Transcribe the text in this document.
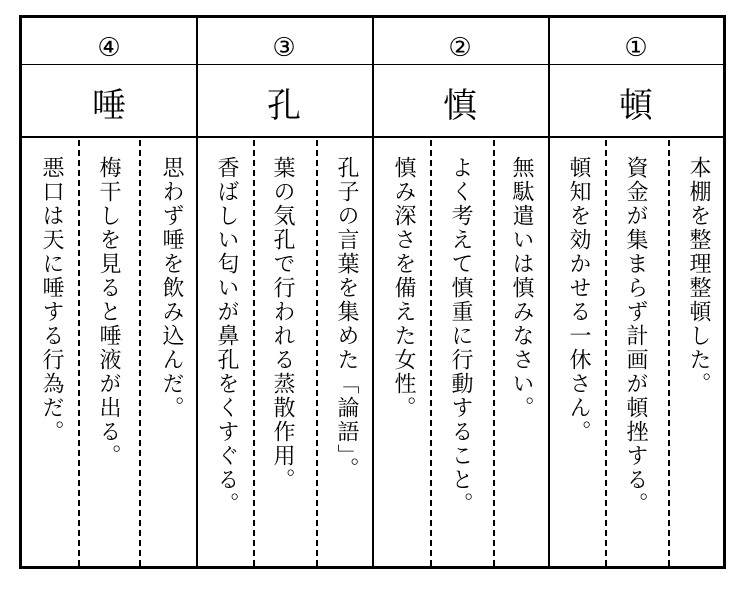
④
唾
悪口は天に唾する行為だ。 梅干しを見ると唾液が出る。 思わず唾を飲み込んだ。
③
孔
香ばしい匂いが鼻孔をくすぐる。 葉の気孔で行われる蒸散作用。 孔子の言葉を集めた「論語」。
②
慎
慎み深さを備えた女性。 よく考えて慎重に行動すること。 無駄遣いは慎みなさい。
①
頓
頓知を効かせる一休さん。 資金が集まらず計画が頓挫する。 本棚を整理整頓した。
